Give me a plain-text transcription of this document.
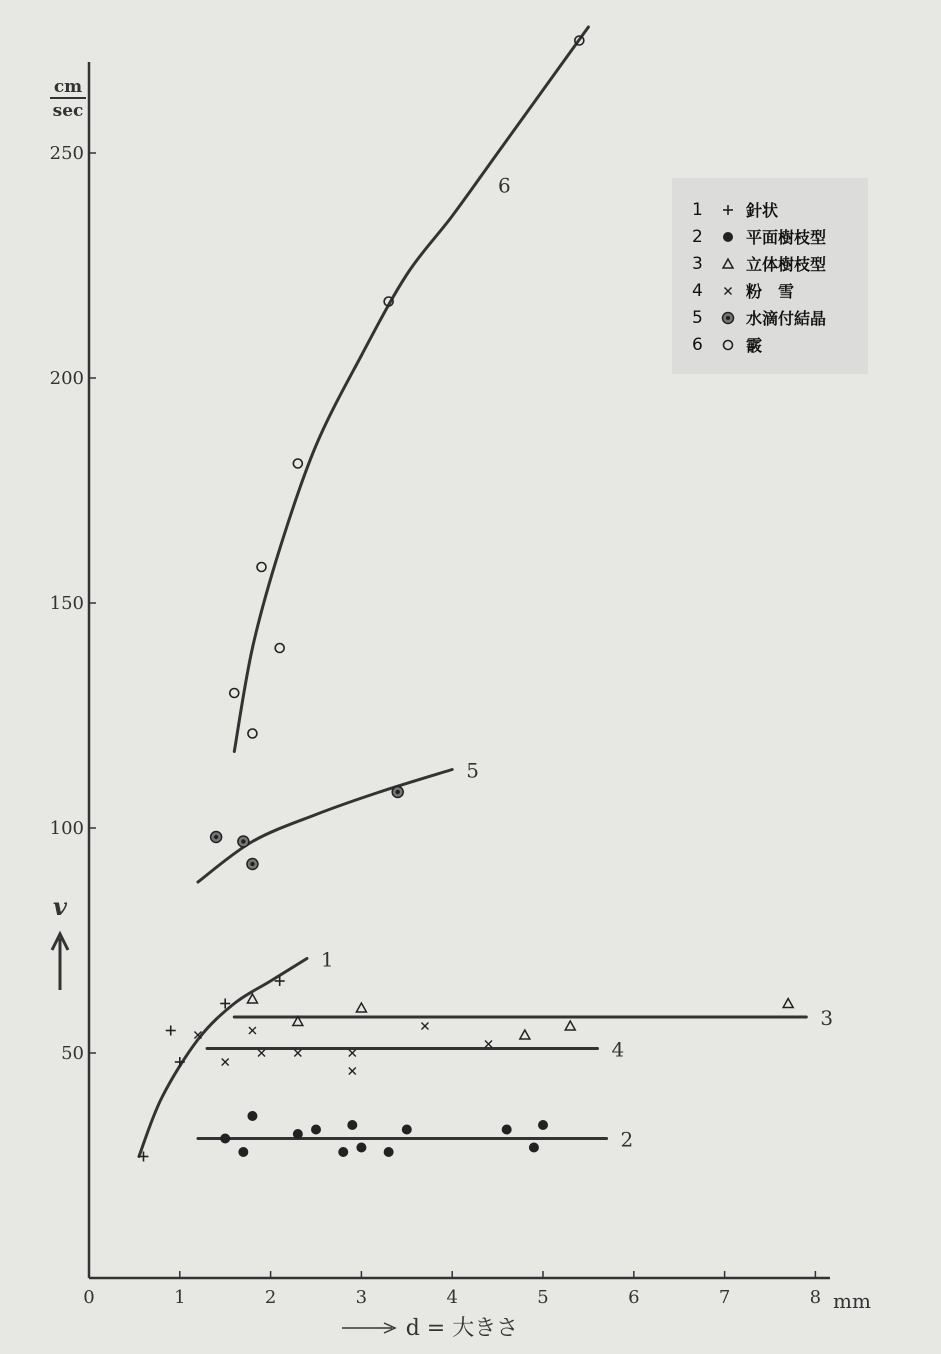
cm
sec
v
mm
d = 大きさ
0	1	2	3	4	5	6	7	8
50
100
150
200
250
1
2
3
4
5
6
1	針状
2	平面樹枝型
3	立体樹枝型
4	粉　雪
5	水滴付結晶
6	霰
